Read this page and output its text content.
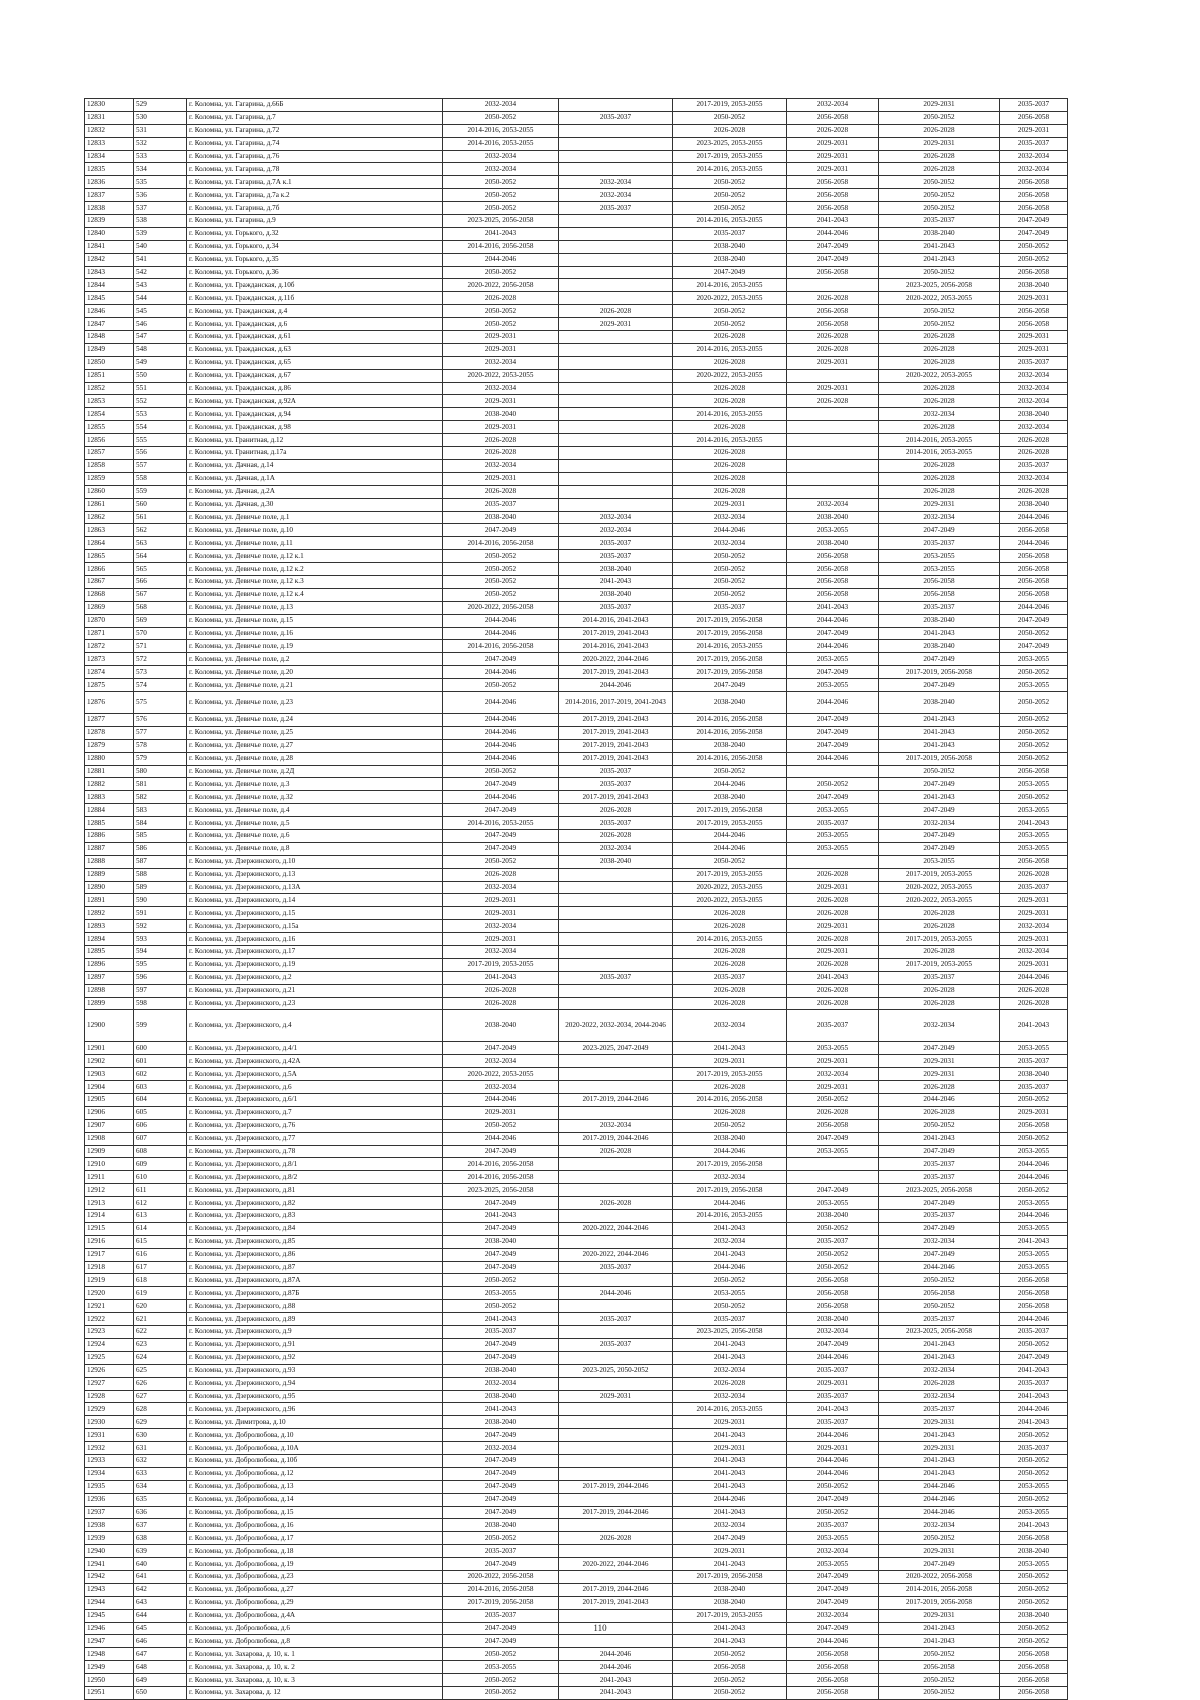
12830	529	г. Коломна, ул. Гагарина, д.66Б	2032-2034		2017-2019, 2053-2055	2032-2034	2029-2031	2035-2037
12831	530	г. Коломна, ул. Гагарина, д.7	2050-2052	2035-2037	2050-2052	2056-2058	2050-2052	2056-2058
12832	531	г. Коломна, ул. Гагарина, д.72	2014-2016, 2053-2055		2026-2028	2026-2028	2026-2028	2029-2031
12833	532	г. Коломна, ул. Гагарина, д.74	2014-2016, 2053-2055		2023-2025, 2053-2055	2029-2031	2029-2031	2035-2037
12834	533	г. Коломна, ул. Гагарина, д.76	2032-2034		2017-2019, 2053-2055	2029-2031	2026-2028	2032-2034
12835	534	г. Коломна, ул. Гагарина, д.78	2032-2034		2014-2016, 2053-2055	2029-2031	2026-2028	2032-2034
12836	535	г. Коломна, ул. Гагарина, д.7А к.1	2050-2052	2032-2034	2050-2052	2056-2058	2050-2052	2056-2058
12837	536	г. Коломна, ул. Гагарина, д.7а к.2	2050-2052	2032-2034	2050-2052	2056-2058	2050-2052	2056-2058
12838	537	г. Коломна, ул. Гагарина, д.7б	2050-2052	2035-2037	2050-2052	2056-2058	2050-2052	2056-2058
12839	538	г. Коломна, ул. Гагарина, д.9	2023-2025, 2056-2058		2014-2016, 2053-2055	2041-2043	2035-2037	2047-2049
12840	539	г. Коломна, ул. Горького, д.32	2041-2043		2035-2037	2044-2046	2038-2040	2047-2049
12841	540	г. Коломна, ул. Горького, д.34	2014-2016, 2056-2058		2038-2040	2047-2049	2041-2043	2050-2052
12842	541	г. Коломна, ул. Горького, д.35	2044-2046		2038-2040	2047-2049	2041-2043	2050-2052
12843	542	г. Коломна, ул. Горького, д.36	2050-2052		2047-2049	2056-2058	2050-2052	2056-2058
12844	543	г. Коломна, ул. Гражданская, д.10б	2020-2022, 2056-2058		2014-2016, 2053-2055		2023-2025, 2056-2058	2038-2040
12845	544	г. Коломна, ул. Гражданская, д.11б	2026-2028		2020-2022, 2053-2055	2026-2028	2020-2022, 2053-2055	2029-2031
12846	545	г. Коломна, ул. Гражданская, д.4	2050-2052	2026-2028	2050-2052	2056-2058	2050-2052	2056-2058
12847	546	г. Коломна, ул. Гражданская, д.6	2050-2052	2029-2031	2050-2052	2056-2058	2050-2052	2056-2058
12848	547	г. Коломна, ул. Гражданская, д.61	2029-2031		2026-2028	2026-2028	2026-2028	2029-2031
12849	548	г. Коломна, ул. Гражданская, д.63	2029-2031		2014-2016, 2053-2055	2026-2028	2026-2028	2029-2031
12850	549	г. Коломна, ул. Гражданская, д.65	2032-2034		2026-2028	2029-2031	2026-2028	2035-2037
12851	550	г. Коломна, ул. Гражданская, д.67	2020-2022, 2053-2055		2020-2022, 2053-2055		2020-2022, 2053-2055	2032-2034
12852	551	г. Коломна, ул. Гражданская, д.86	2032-2034		2026-2028	2029-2031	2026-2028	2032-2034
12853	552	г. Коломна, ул. Гражданская, д.92А	2029-2031		2026-2028	2026-2028	2026-2028	2032-2034
12854	553	г. Коломна, ул. Гражданская, д.94	2038-2040		2014-2016, 2053-2055		2032-2034	2038-2040
12855	554	г. Коломна, ул. Гражданская, д.98	2029-2031		2026-2028		2026-2028	2032-2034
12856	555	г. Коломна, ул. Гранитная, д.12	2026-2028		2014-2016, 2053-2055		2014-2016, 2053-2055	2026-2028
12857	556	г. Коломна, ул. Гранитная, д.17а	2026-2028		2026-2028		2014-2016, 2053-2055	2026-2028
12858	557	г. Коломна, ул. Дачная, д.14	2032-2034		2026-2028		2026-2028	2035-2037
12859	558	г. Коломна, ул. Дачная, д.1А	2029-2031		2026-2028		2026-2028	2032-2034
12860	559	г. Коломна, ул. Дачная, д.2А	2026-2028		2026-2028		2026-2028	2026-2028
12861	560	г. Коломна, ул. Дачная, д.30	2035-2037		2029-2031	2032-2034	2029-2031	2038-2040
12862	561	г. Коломна, ул. Девичье поле, д.1	2038-2040	2032-2034	2032-2034	2038-2040	2032-2034	2044-2046
12863	562	г. Коломна, ул. Девичье поле, д.10	2047-2049	2032-2034	2044-2046	2053-2055	2047-2049	2056-2058
12864	563	г. Коломна, ул. Девичье поле, д.11	2014-2016, 2056-2058	2035-2037	2032-2034	2038-2040	2035-2037	2044-2046
12865	564	г. Коломна, ул. Девичье поле, д.12 к.1	2050-2052	2035-2037	2050-2052	2056-2058	2053-2055	2056-2058
12866	565	г. Коломна, ул. Девичье поле, д.12 к.2	2050-2052	2038-2040	2050-2052	2056-2058	2053-2055	2056-2058
12867	566	г. Коломна, ул. Девичье поле, д.12 к.3	2050-2052	2041-2043	2050-2052	2056-2058	2056-2058	2056-2058
12868	567	г. Коломна, ул. Девичье поле, д.12 к.4	2050-2052	2038-2040	2050-2052	2056-2058	2056-2058	2056-2058
12869	568	г. Коломна, ул. Девичье поле, д.13	2020-2022, 2056-2058	2035-2037	2035-2037	2041-2043	2035-2037	2044-2046
12870	569	г. Коломна, ул. Девичье поле, д.15	2044-2046	2014-2016, 2041-2043	2017-2019, 2056-2058	2044-2046	2038-2040	2047-2049
12871	570	г. Коломна, ул. Девичье поле, д.16	2044-2046	2017-2019, 2041-2043	2017-2019, 2056-2058	2047-2049	2041-2043	2050-2052
12872	571	г. Коломна, ул. Девичье поле, д.19	2014-2016, 2056-2058	2014-2016, 2041-2043	2014-2016, 2053-2055	2044-2046	2038-2040	2047-2049
12873	572	г. Коломна, ул. Девичье поле, д.2	2047-2049	2020-2022, 2044-2046	2017-2019, 2056-2058	2053-2055	2047-2049	2053-2055
12874	573	г. Коломна, ул. Девичье поле, д.20	2044-2046	2017-2019, 2041-2043	2017-2019, 2056-2058	2047-2049	2017-2019, 2056-2058	2050-2052
12875	574	г. Коломна, ул. Девичье поле, д.21	2050-2052	2044-2046	2047-2049	2053-2055	2047-2049	2053-2055
12876	575	г. Коломна, ул. Девичье поле, д.23	2044-2046	2014-2016, 2017-2019, 2041-2043	2038-2040	2044-2046	2038-2040	2050-2052
12877	576	г. Коломна, ул. Девичье поле, д.24	2044-2046	2017-2019, 2041-2043	2014-2016, 2056-2058	2047-2049	2041-2043	2050-2052
12878	577	г. Коломна, ул. Девичье поле, д.25	2044-2046	2017-2019, 2041-2043	2014-2016, 2056-2058	2047-2049	2041-2043	2050-2052
12879	578	г. Коломна, ул. Девичье поле, д.27	2044-2046	2017-2019, 2041-2043	2038-2040	2047-2049	2041-2043	2050-2052
12880	579	г. Коломна, ул. Девичье поле, д.28	2044-2046	2017-2019, 2041-2043	2014-2016, 2056-2058	2044-2046	2017-2019, 2056-2058	2050-2052
12881	580	г. Коломна, ул. Девичье поле, д.2Д	2050-2052	2035-2037	2050-2052		2050-2052	2056-2058
12882	581	г. Коломна, ул. Девичье поле, д.3	2047-2049	2035-2037	2044-2046	2050-2052	2047-2049	2053-2055
12883	582	г. Коломна, ул. Девичье поле, д.32	2044-2046	2017-2019, 2041-2043	2038-2040	2047-2049	2041-2043	2050-2052
12884	583	г. Коломна, ул. Девичье поле, д.4	2047-2049	2026-2028	2017-2019, 2056-2058	2053-2055	2047-2049	2053-2055
12885	584	г. Коломна, ул. Девичье поле, д.5	2014-2016, 2053-2055	2035-2037	2017-2019, 2053-2055	2035-2037	2032-2034	2041-2043
12886	585	г. Коломна, ул. Девичье поле, д.6	2047-2049	2026-2028	2044-2046	2053-2055	2047-2049	2053-2055
12887	586	г. Коломна, ул. Девичье поле, д.8	2047-2049	2032-2034	2044-2046	2053-2055	2047-2049	2053-2055
12888	587	г. Коломна, ул. Дзержинского, д.10	2050-2052	2038-2040	2050-2052		2053-2055	2056-2058
12889	588	г. Коломна, ул. Дзержинского, д.13	2026-2028		2017-2019, 2053-2055	2026-2028	2017-2019, 2053-2055	2026-2028
12890	589	г. Коломна, ул. Дзержинского, д.13А	2032-2034		2020-2022, 2053-2055	2029-2031	2020-2022, 2053-2055	2035-2037
12891	590	г. Коломна, ул. Дзержинского, д.14	2029-2031		2020-2022, 2053-2055	2026-2028	2020-2022, 2053-2055	2029-2031
12892	591	г. Коломна, ул. Дзержинского, д.15	2029-2031		2026-2028	2026-2028	2026-2028	2029-2031
12893	592	г. Коломна, ул. Дзержинского, д.15а	2032-2034		2026-2028	2029-2031	2026-2028	2032-2034
12894	593	г. Коломна, ул. Дзержинского, д.16	2029-2031		2014-2016, 2053-2055	2026-2028	2017-2019, 2053-2055	2029-2031
12895	594	г. Коломна, ул. Дзержинского, д.17	2032-2034		2026-2028	2029-2031	2026-2028	2032-2034
12896	595	г. Коломна, ул. Дзержинского, д.19	2017-2019, 2053-2055		2026-2028	2026-2028	2017-2019, 2053-2055	2029-2031
12897	596	г. Коломна, ул. Дзержинского, д.2	2041-2043	2035-2037	2035-2037	2041-2043	2035-2037	2044-2046
12898	597	г. Коломна, ул. Дзержинского, д.21	2026-2028		2026-2028	2026-2028	2026-2028	2026-2028
12899	598	г. Коломна, ул. Дзержинского, д.23	2026-2028		2026-2028	2026-2028	2026-2028	2026-2028
12900	599	г. Коломна, ул. Дзержинского, д.4	2038-2040	2020-2022, 2032-2034, 2044-2046	2032-2034	2035-2037	2032-2034	2041-2043
12901	600	г. Коломна, ул. Дзержинского, д.4/1	2047-2049	2023-2025, 2047-2049	2041-2043	2053-2055	2047-2049	2053-2055
12902	601	г. Коломна, ул. Дзержинского, д.42А	2032-2034		2029-2031	2029-2031	2029-2031	2035-2037
12903	602	г. Коломна, ул. Дзержинского, д.5А	2020-2022, 2053-2055		2017-2019, 2053-2055	2032-2034	2029-2031	2038-2040
12904	603	г. Коломна, ул. Дзержинского, д.6	2032-2034		2026-2028	2029-2031	2026-2028	2035-2037
12905	604	г. Коломна, ул. Дзержинского, д.6/1	2044-2046	2017-2019, 2044-2046	2014-2016, 2056-2058	2050-2052	2044-2046	2050-2052
12906	605	г. Коломна, ул. Дзержинского, д.7	2029-2031		2026-2028	2026-2028	2026-2028	2029-2031
12907	606	г. Коломна, ул. Дзержинского, д.76	2050-2052	2032-2034	2050-2052	2056-2058	2050-2052	2056-2058
12908	607	г. Коломна, ул. Дзержинского, д.77	2044-2046	2017-2019, 2044-2046	2038-2040	2047-2049	2041-2043	2050-2052
12909	608	г. Коломна, ул. Дзержинского, д.78	2047-2049	2026-2028	2044-2046	2053-2055	2047-2049	2053-2055
12910	609	г. Коломна, ул. Дзержинского, д.8/1	2014-2016, 2056-2058		2017-2019, 2056-2058		2035-2037	2044-2046
12911	610	г. Коломна, ул. Дзержинского, д.8/2	2014-2016, 2056-2058		2032-2034		2035-2037	2044-2046
12912	611	г. Коломна, ул. Дзержинского, д.81	2023-2025, 2056-2058		2017-2019, 2056-2058	2047-2049	2023-2025, 2056-2058	2050-2052
12913	612	г. Коломна, ул. Дзержинского, д.82	2047-2049	2026-2028	2044-2046	2053-2055	2047-2049	2053-2055
12914	613	г. Коломна, ул. Дзержинского, д.83	2041-2043		2014-2016, 2053-2055	2038-2040	2035-2037	2044-2046
12915	614	г. Коломна, ул. Дзержинского, д.84	2047-2049	2020-2022, 2044-2046	2041-2043	2050-2052	2047-2049	2053-2055
12916	615	г. Коломна, ул. Дзержинского, д.85	2038-2040		2032-2034	2035-2037	2032-2034	2041-2043
12917	616	г. Коломна, ул. Дзержинского, д.86	2047-2049	2020-2022, 2044-2046	2041-2043	2050-2052	2047-2049	2053-2055
12918	617	г. Коломна, ул. Дзержинского, д.87	2047-2049	2035-2037	2044-2046	2050-2052	2044-2046	2053-2055
12919	618	г. Коломна, ул. Дзержинского, д.87А	2050-2052		2050-2052	2056-2058	2050-2052	2056-2058
12920	619	г. Коломна, ул. Дзержинского, д.87Б	2053-2055	2044-2046	2053-2055	2056-2058	2056-2058	2056-2058
12921	620	г. Коломна, ул. Дзержинского, д.88	2050-2052		2050-2052	2056-2058	2050-2052	2056-2058
12922	621	г. Коломна, ул. Дзержинского, д.89	2041-2043	2035-2037	2035-2037	2038-2040	2035-2037	2044-2046
12923	622	г. Коломна, ул. Дзержинского, д.9	2035-2037		2023-2025, 2056-2058	2032-2034	2023-2025, 2056-2058	2035-2037
12924	623	г. Коломна, ул. Дзержинского, д.91	2047-2049	2035-2037	2041-2043	2047-2049	2041-2043	2050-2052
12925	624	г. Коломна, ул. Дзержинского, д.92	2047-2049		2041-2043	2044-2046	2041-2043	2047-2049
12926	625	г. Коломна, ул. Дзержинского, д.93	2038-2040	2023-2025, 2050-2052	2032-2034	2035-2037	2032-2034	2041-2043
12927	626	г. Коломна, ул. Дзержинского, д.94	2032-2034		2026-2028	2029-2031	2026-2028	2035-2037
12928	627	г. Коломна, ул. Дзержинского, д.95	2038-2040	2029-2031	2032-2034	2035-2037	2032-2034	2041-2043
12929	628	г. Коломна, ул. Дзержинского, д.96	2041-2043		2014-2016, 2053-2055	2041-2043	2035-2037	2044-2046
12930	629	г. Коломна, ул. Димитрова, д.10	2038-2040		2029-2031	2035-2037	2029-2031	2041-2043
12931	630	г. Коломна, ул. Добролюбова, д.10	2047-2049		2041-2043	2044-2046	2041-2043	2050-2052
12932	631	г. Коломна, ул. Добролюбова, д.10А	2032-2034		2029-2031	2029-2031	2029-2031	2035-2037
12933	632	г. Коломна, ул. Добролюбова, д.10б	2047-2049		2041-2043	2044-2046	2041-2043	2050-2052
12934	633	г. Коломна, ул. Добролюбова, д.12	2047-2049		2041-2043	2044-2046	2041-2043	2050-2052
12935	634	г. Коломна, ул. Добролюбова, д.13	2047-2049	2017-2019, 2044-2046	2041-2043	2050-2052	2044-2046	2053-2055
12936	635	г. Коломна, ул. Добролюбова, д.14	2047-2049		2044-2046	2047-2049	2044-2046	2050-2052
12937	636	г. Коломна, ул. Добролюбова, д.15	2047-2049	2017-2019, 2044-2046	2041-2043	2050-2052	2044-2046	2053-2055
12938	637	г. Коломна, ул. Добролюбова, д.16	2038-2040		2032-2034	2035-2037	2032-2034	2041-2043
12939	638	г. Коломна, ул. Добролюбова, д.17	2050-2052	2026-2028	2047-2049	2053-2055	2050-2052	2056-2058
12940	639	г. Коломна, ул. Добролюбова, д.18	2035-2037		2029-2031	2032-2034	2029-2031	2038-2040
12941	640	г. Коломна, ул. Добролюбова, д.19	2047-2049	2020-2022, 2044-2046	2041-2043	2053-2055	2047-2049	2053-2055
12942	641	г. Коломна, ул. Добролюбова, д.23	2020-2022, 2056-2058		2017-2019, 2056-2058	2047-2049	2020-2022, 2056-2058	2050-2052
12943	642	г. Коломна, ул. Добролюбова, д.27	2014-2016, 2056-2058	2017-2019, 2044-2046	2038-2040	2047-2049	2014-2016, 2056-2058	2050-2052
12944	643	г. Коломна, ул. Добролюбова, д.29	2017-2019, 2056-2058	2017-2019, 2041-2043	2038-2040	2047-2049	2017-2019, 2056-2058	2050-2052
12945	644	г. Коломна, ул. Добролюбова, д.4А	2035-2037		2017-2019, 2053-2055	2032-2034	2029-2031	2038-2040
12946	645	г. Коломна, ул. Добролюбова, д.6	2047-2049		2041-2043	2047-2049	2041-2043	2050-2052
12947	646	г. Коломна, ул. Добролюбова, д.8	2047-2049		2041-2043	2044-2046	2041-2043	2050-2052
12948	647	г. Коломна, ул. Захарова, д. 10, к. 1	2050-2052	2044-2046	2050-2052	2056-2058	2050-2052	2056-2058
12949	648	г. Коломна, ул. Захарова, д. 10, к. 2	2053-2055	2044-2046	2056-2058	2056-2058	2056-2058	2056-2058
12950	649	г. Коломна, ул. Захарова, д. 10, к. 3	2050-2052	2041-2043	2050-2052	2056-2058	2050-2052	2056-2058
12951	650	г. Коломна, ул. Захарова, д. 12	2050-2052	2041-2043	2050-2052	2056-2058	2050-2052	2056-2058
110
